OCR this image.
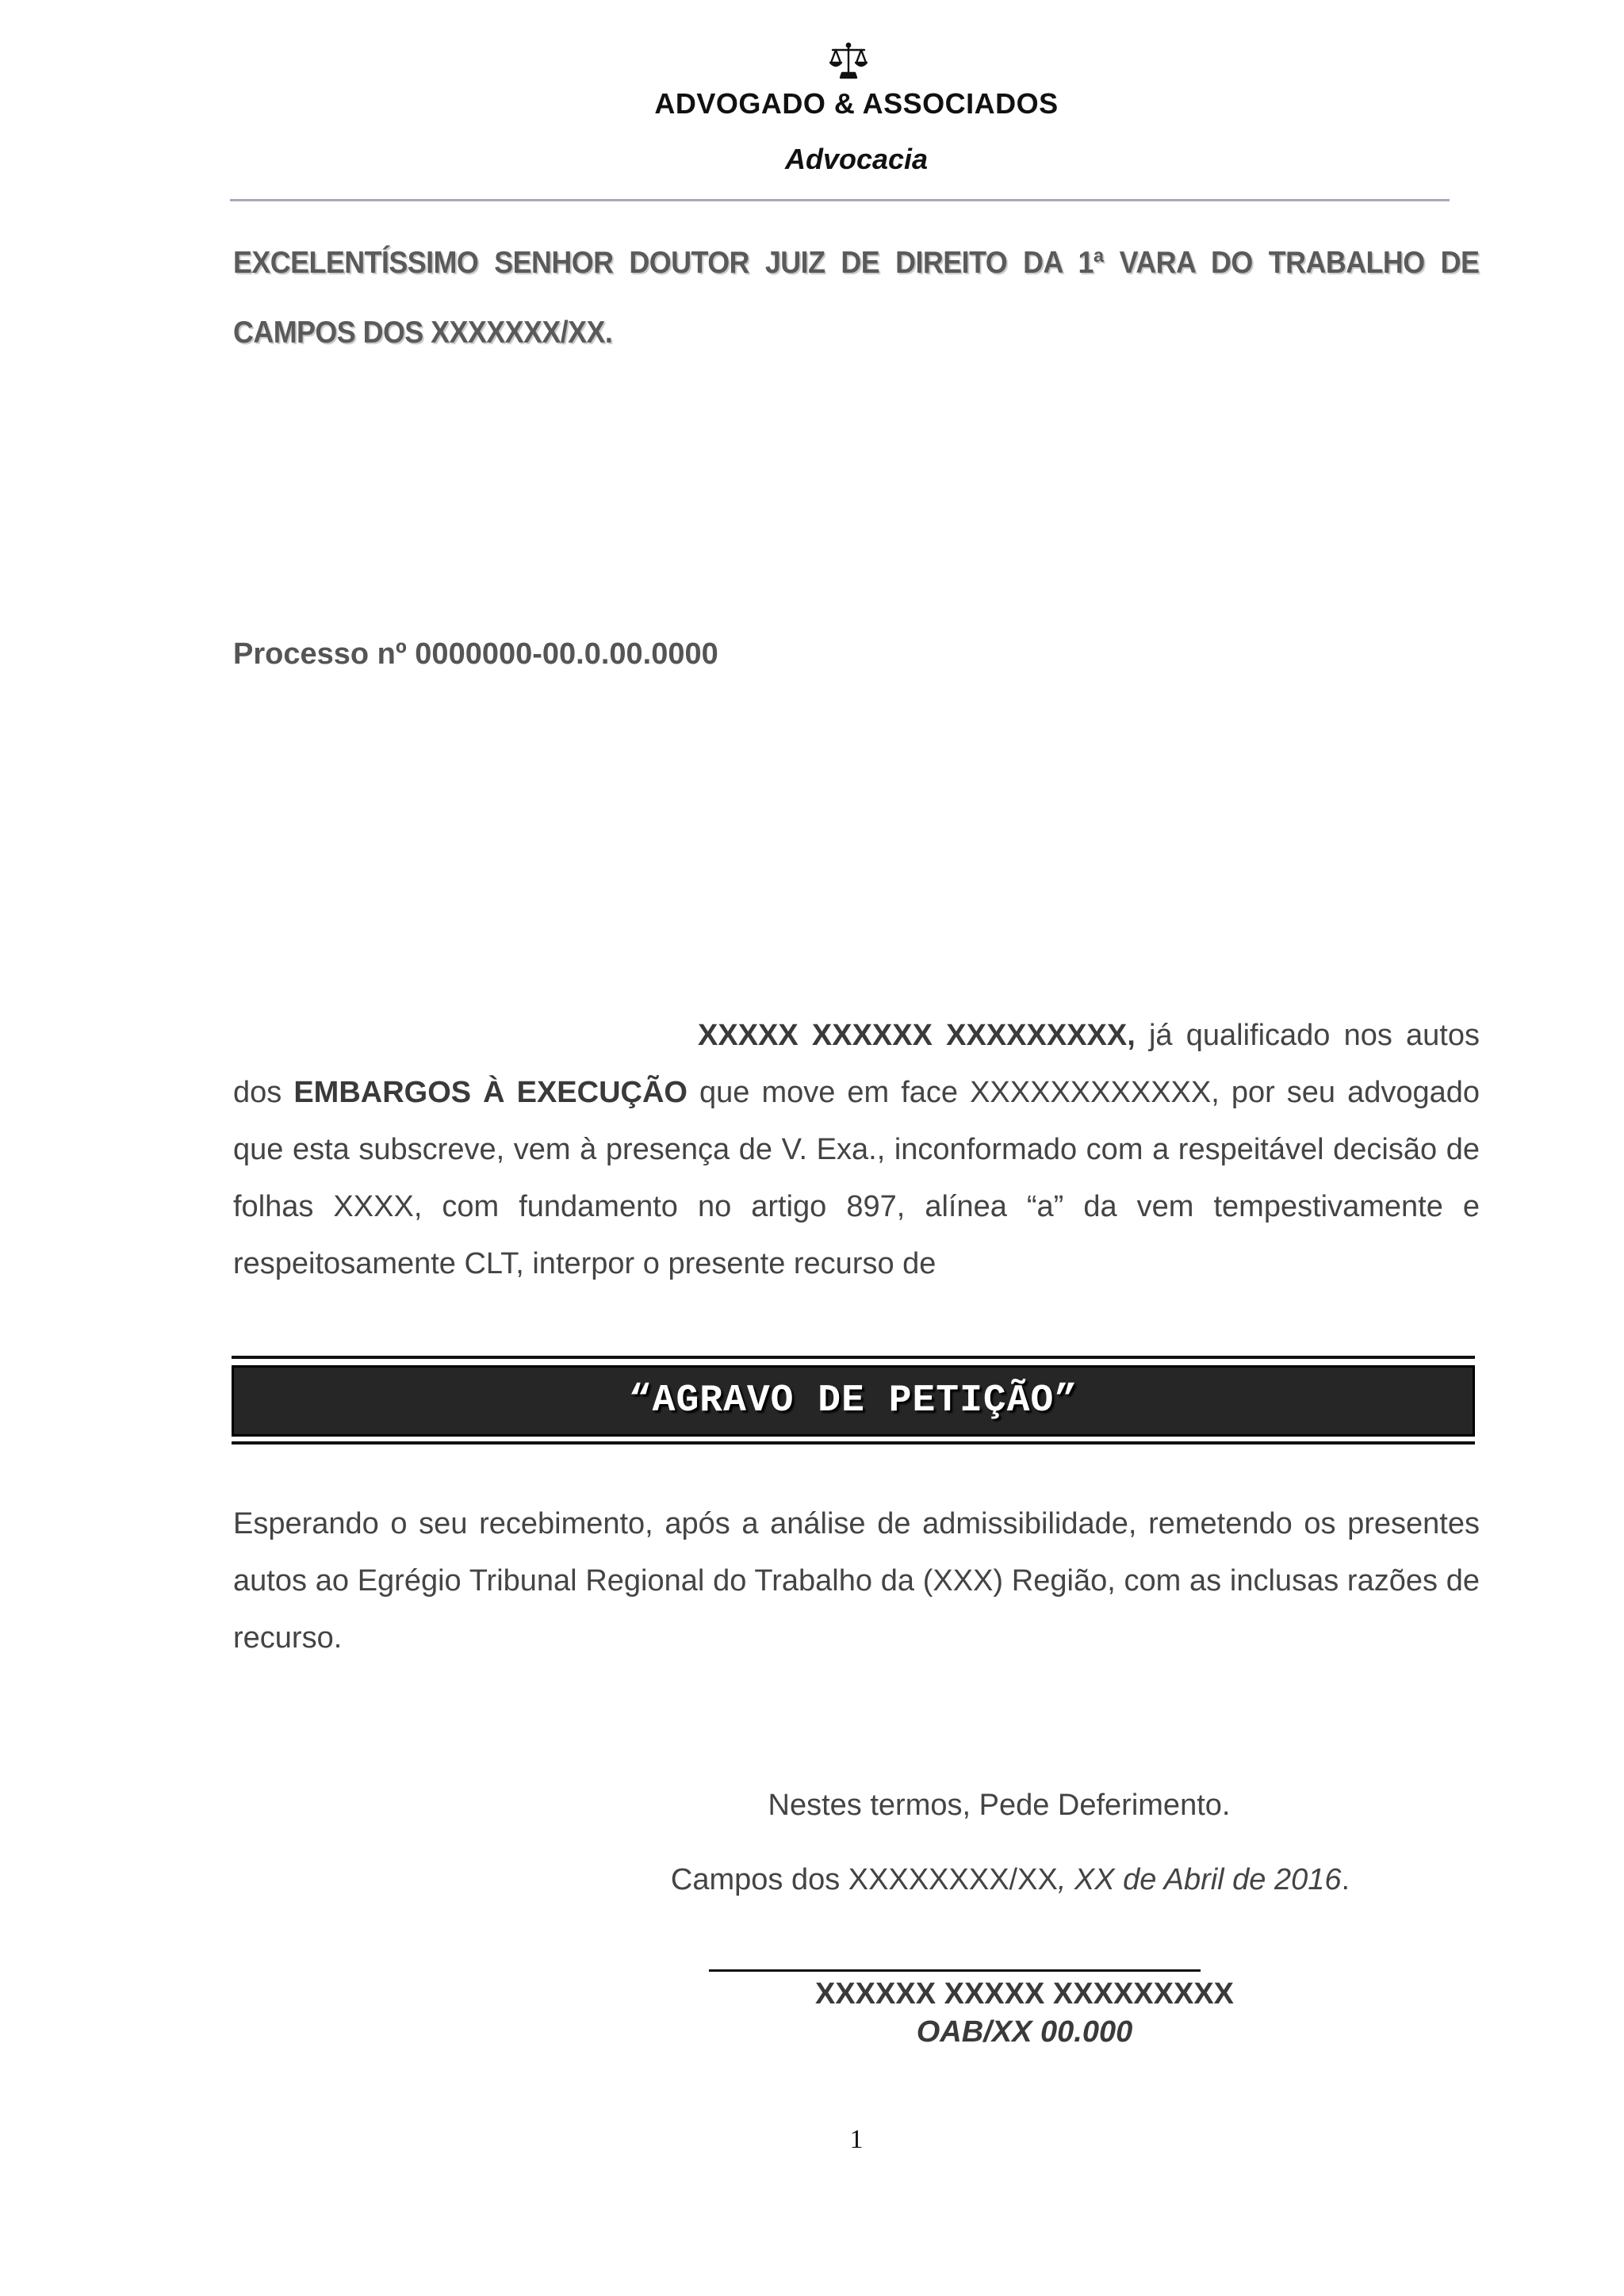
ADVOGADO & ASSOCIADOS
Advocacia
EXCELENTÍSSIMO SENHOR DOUTOR JUIZ DE DIREITO DA 1ª VARA DO TRABALHO DE CAMPOS DOS XXXXXXX/XX.
Processo nº 0000000-00.0.00.0000
XXXXX XXXXXX XXXXXXXXX, já qualificado nos autos dos EMBARGOS À EXECUÇÃO que move em face XXXXXXXXXXXX, por seu advogado que esta subscreve, vem à presença de V. Exa., inconformado com a respeitável decisão de folhas XXXX, com fundamento no artigo 897, alínea “a” da vem tempestivamente e respeitosamente CLT, interpor o presente recurso de
“AGRAVO DE PETIÇÃO”
Esperando o seu recebimento, após a análise de admissibilidade, remetendo os presentes autos ao Egrégio Tribunal Regional do Trabalho da (XXX) Região, com as inclusas razões de recurso.
Nestes termos, Pede Deferimento.
Campos dos XXXXXXXX/XX, XX de Abril de 2016.
XXXXXX XXXXX XXXXXXXXX
OAB/XX 00.000
1
